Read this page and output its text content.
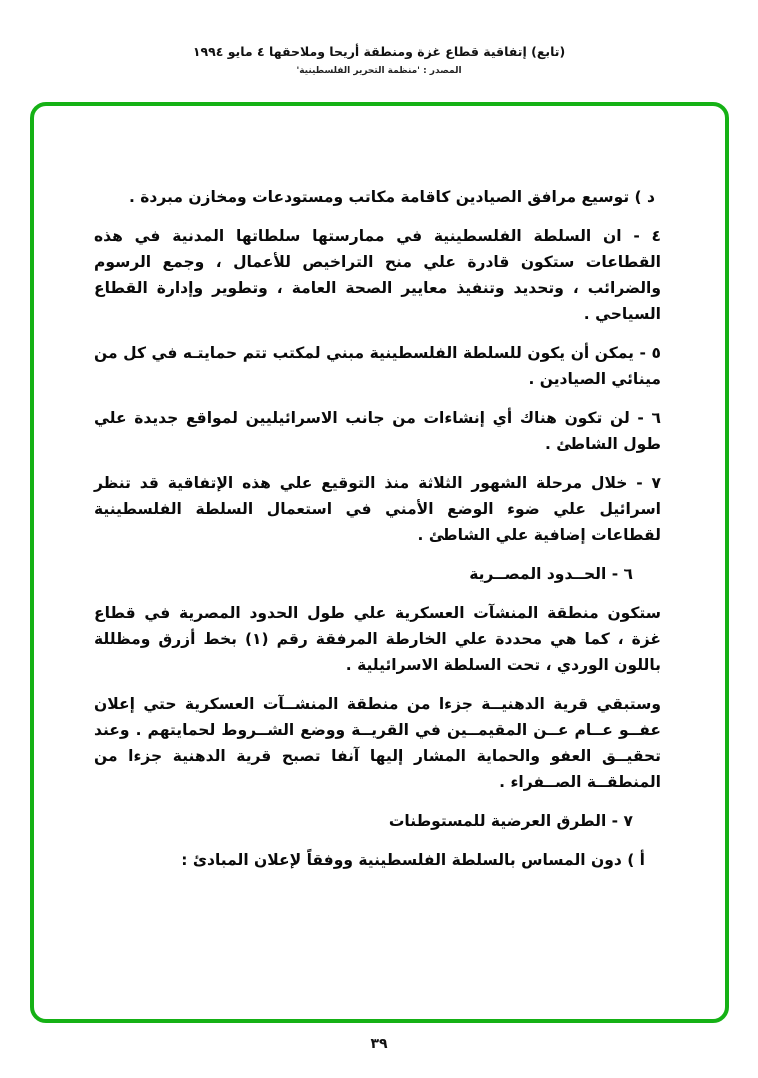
(تابع) إتفاقية قطاع غزة ومنطقة أريحا وملاحقها ٤ مايو ١٩٩٤
المصدر : 'منظمة التحرير الفلسطينية'
د ) توسيع مرافق الصيادين كاقامة مكاتب ومستودعات ومخازن مبردة .
٤ - ان السلطة الفلسطينية في ممارستها سلطاتها المدنية في هذه القطاعات ستكون قادرة علي منح التراخيص للأعمال ، وجمع الرسوم والضرائب ، وتحديد وتنفيذ معايير الصحة العامة ، وتطوير وإدارة القطاع السياحي .
٥ - يمكن أن يكون للسلطة الفلسطينية مبني لمكتب تتم حمايتـه في كل من مينائي الصيادين .
٦ - لن تكون هناك أي إنشاءات من جانب الاسرائيليين لمواقع جديدة علي طول الشاطئ .
٧ - خلال مرحلة الشهور الثلاثة منذ التوقيع علي هذه الإتفاقية قد تنظر اسرائيل علي ضوء الوضع الأمني في استعمال السلطة الفلسطينية لقطاعات إضافية علي الشاطئ .
٦ - الحــدود المصــرية
ستكون منطقة المنشآت العسكرية علي طول الحدود المصرية في قطاع غزة ، كما هي محددة علي الخارطة المرفقة رقم (١) بخط أزرق ومظللة باللون الوردي ، تحت السلطة الاسرائيلية .
وستبقي قرية الدهنيــة جزءا من منطقة المنشــآت العسكرية حتي إعلان عفــو عــام عــن المقيمــين في القريــة ووضع الشــروط لحمايتهم . وعند تحقيــق العفو والحماية المشار إليها آنفا تصبح قرية الدهنية جزءا من المنطقــة الصــفراء .
٧ - الطرق العرضية للمستوطنات
أ ) دون المساس بالسلطة الفلسطينية ووفقاً لإعلان المبادئ :
٣٩
